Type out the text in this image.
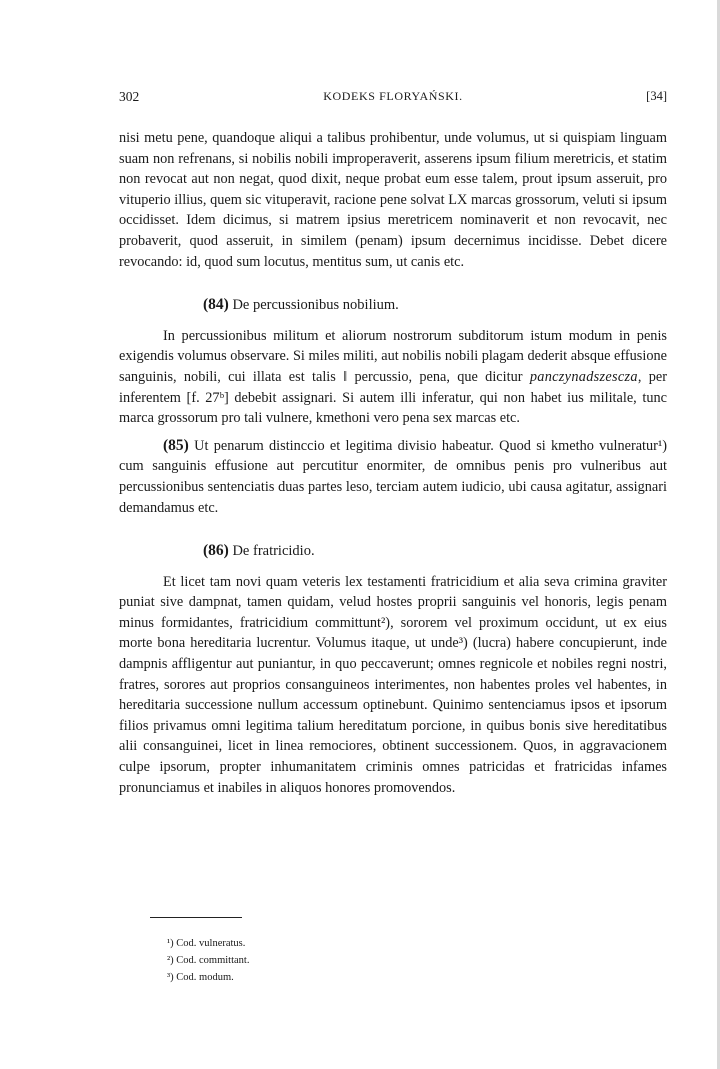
302	KODEKS FLORYAŃSKI.	[34]

nisi metu pene, quandoque aliqui a talibus prohibentur, unde volumus, ut si quispiam linguam suam non refrenans, si nobilis nobili improperaverit, asserens ipsum filium meretricis, et statim non revocat aut non negat, quod dixit, neque probat eum esse talem, prout ipsum asseruit, pro vituperio illius, quem sic vituperavit, racione pene solvat LX marcas grossorum, veluti si ipsum occidisset. Idem dicimus, si matrem ipsius meretricem nominaverit et non revocavit, nec probaverit, quod asseruit, in similem (penam) ipsum decernimus incidisse. Debet dicere revocando: id, quod sum locutus, mentitus sum, ut canis etc.

(84) De percussionibus nobilium.

In percussionibus militum et aliorum nostrorum subditorum istum modum in penis exigendis volumus observare. Si miles militi, aut nobilis nobili plagam dederit absque effusione sanguinis, nobili, cui illata est talis ‖ percussio, pena, que dicitur panczynadszescza, per inferentem [f. 27ᵇ] debebit assignari. Si autem illi inferatur, qui non habet ius militale, tunc marca grossorum pro tali vulnere, kmethoni vero pena sex marcas etc.

(85) Ut penarum distinccio et legitima divisio habeatur. Quod si kmetho vulneratur¹) cum sanguinis effusione aut percutitur enormiter, de omnibus penis pro vulneribus aut percussionibus sentenciatis duas partes leso, terciam autem iudicio, ubi causa agitatur, assignari demandamus etc.

(86) De fratricidio.

Et licet tam novi quam veteris lex testamenti fratricidium et alia seva crimina graviter puniat sive dampnat, tamen quidam, velud hostes proprii sanguinis vel honoris, legis penam minus formidantes, fratricidium committunt²), sororem vel proximum occidunt, ut ex eius morte bona hereditaria lucrentur. Volumus itaque, ut unde³) (lucra) habere concupierunt, inde dampnis affligentur aut puniantur, in quo peccaverunt; omnes regnicole et nobiles regni nostri, fratres, sorores aut proprios consanguineos interimentes, non habentes proles vel habentes, in hereditaria successione nullum accessum optinebunt. Quinimo sentenciamus ipsos et ipsorum filios privamus omni legitima talium hereditatum porcione, in quibus bonis sive hereditatibus alii consanguinei, licet in linea remociores, obtinent successionem. Quos, in aggravacionem culpe ipsorum, propter inhumanitatem criminis omnes patricidas et fratricidas infames pronunciamus et inabiles in aliquos honores promovendos.

¹) Cod. vulneratus.
²) Cod. committant.
³) Cod. modum.
